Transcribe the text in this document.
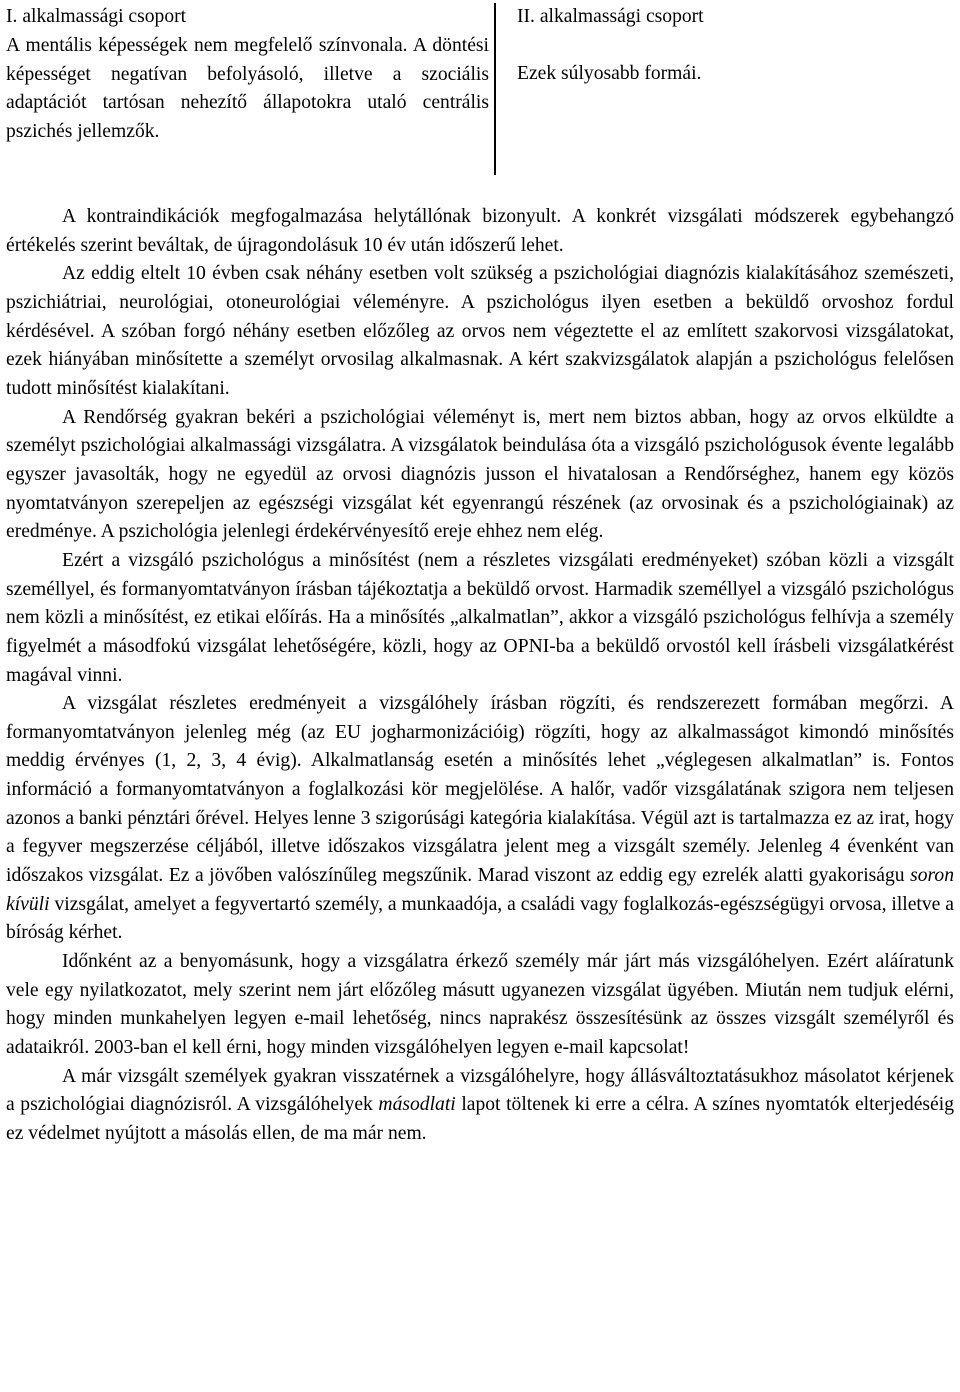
I. alkalmassági csoport
A mentális képességek nem megfelelő színvonala. A döntési képességet negatívan befolyásoló, illetve a szociális adaptációt tartósan nehezítő állapotokra utaló centrális pszichés jellemzők.
II. alkalmassági csoport
Ezek súlyosabb formái.

A kontraindikációk megfogalmazása helytállónak bizonyult. A konkrét vizsgálati módszerek egybehangzó értékelés szerint beváltak, de újragondolásuk 10 év után időszerű lehet.

Az eddig eltelt 10 évben csak néhány esetben volt szükség a pszichológiai diagnózis kialakításához szemészeti, pszichiátriai, neurológiai, otoneurológiai véleményre. A pszichológus ilyen esetben a beküldő orvoshoz fordul kérdésével. A szóban forgó néhány esetben előzőleg az orvos nem végeztette el az említett szakorvosi vizsgálatokat, ezek hiányában minősítette a személyt orvosilag alkalmasnak. A kért szakvizsgálatok alapján a pszichológus felelősen tudott minősítést kialakítani.

A Rendőrség gyakran bekéri a pszichológiai véleményt is, mert nem biztos abban, hogy az orvos elküldte a személyt pszichológiai alkalmassági vizsgálatra. A vizsgálatok beindulása óta a vizsgáló pszichológusok évente legalább egyszer javasolták, hogy ne egyedül az orvosi diagnózis jusson el hivatalosan a Rendőrséghez, hanem egy közös nyomtatványon szerepeljen az egészségi vizsgálat két egyenrangú részének (az orvosinak és a pszichológiainak) az eredménye. A pszichológia jelenlegi érdekérvényesítő ereje ehhez nem elég.

Ezért a vizsgáló pszichológus a minősítést (nem a részletes vizsgálati eredményeket) szóban közli a vizsgált személlyel, és formanyomtatványon írásban tájékoztatja a beküldő orvost. Harmadik személlyel a vizsgáló pszichológus nem közli a minősítést, ez etikai előírás. Ha a minősítés „alkalmatlan”, akkor a vizsgáló pszichológus felhívja a személy figyelmét a másodfokú vizsgálat lehetőségére, közli, hogy az OPNI-ba a beküldő orvostól kell írásbeli vizsgálatkérést magával vinni.

A vizsgálat részletes eredményeit a vizsgálóhely írásban rögzíti, és rendszerezett formában megőrzi. A formanyomtatványon jelenleg még (az EU jogharmonizációig) rögzíti, hogy az alkalmasságot kimondó minősítés meddig érvényes (1, 2, 3, 4 évig). Alkalmatlanság esetén a minősítés lehet „véglegesen alkalmatlan” is. Fontos információ a formanyomtatványon a foglalkozási kör megjelölése. A halőr, vadőr vizsgálatának szigora nem teljesen azonos a banki pénztári őrével. Helyes lenne 3 szigorúsági kategória kialakítása. Végül azt is tartalmazza ez az irat, hogy a fegyver megszerzése céljából, illetve időszakos vizsgálatra jelent meg a vizsgált személy. Jelenleg 4 évenként van időszakos vizsgálat. Ez a jövőben valószínűleg megszűnik. Marad viszont az eddig egy ezrelék alatti gyakoriságu soron kívüli vizsgálat, amelyet a fegyvertartó személy, a munkaadója, a családi vagy foglalkozás-egészségügyi orvosa, illetve a bíróság kérhet.

Időnként az a benyomásunk, hogy a vizsgálatra érkező személy már járt más vizsgálóhelyen. Ezért aláíratunk vele egy nyilatkozatot, mely szerint nem járt előzőleg másutt ugyanezen vizsgálat ügyében. Miután nem tudjuk elérni, hogy minden munkahelyen legyen e-mail lehetőség, nincs naprakész összesítésünk az összes vizsgált személyről és adataikról. 2003-ban el kell érni, hogy minden vizsgálóhelyen legyen e-mail kapcsolat!

A már vizsgált személyek gyakran visszatérnek a vizsgálóhelyre, hogy állásváltoztatásukhoz másolatot kérjenek a pszichológiai diagnózisról. A vizsgálóhelyek másodlati lapot töltenek ki erre a célra. A színes nyomtatók elterjedéséig ez védelmet nyújtott a másolás ellen, de ma már nem.
